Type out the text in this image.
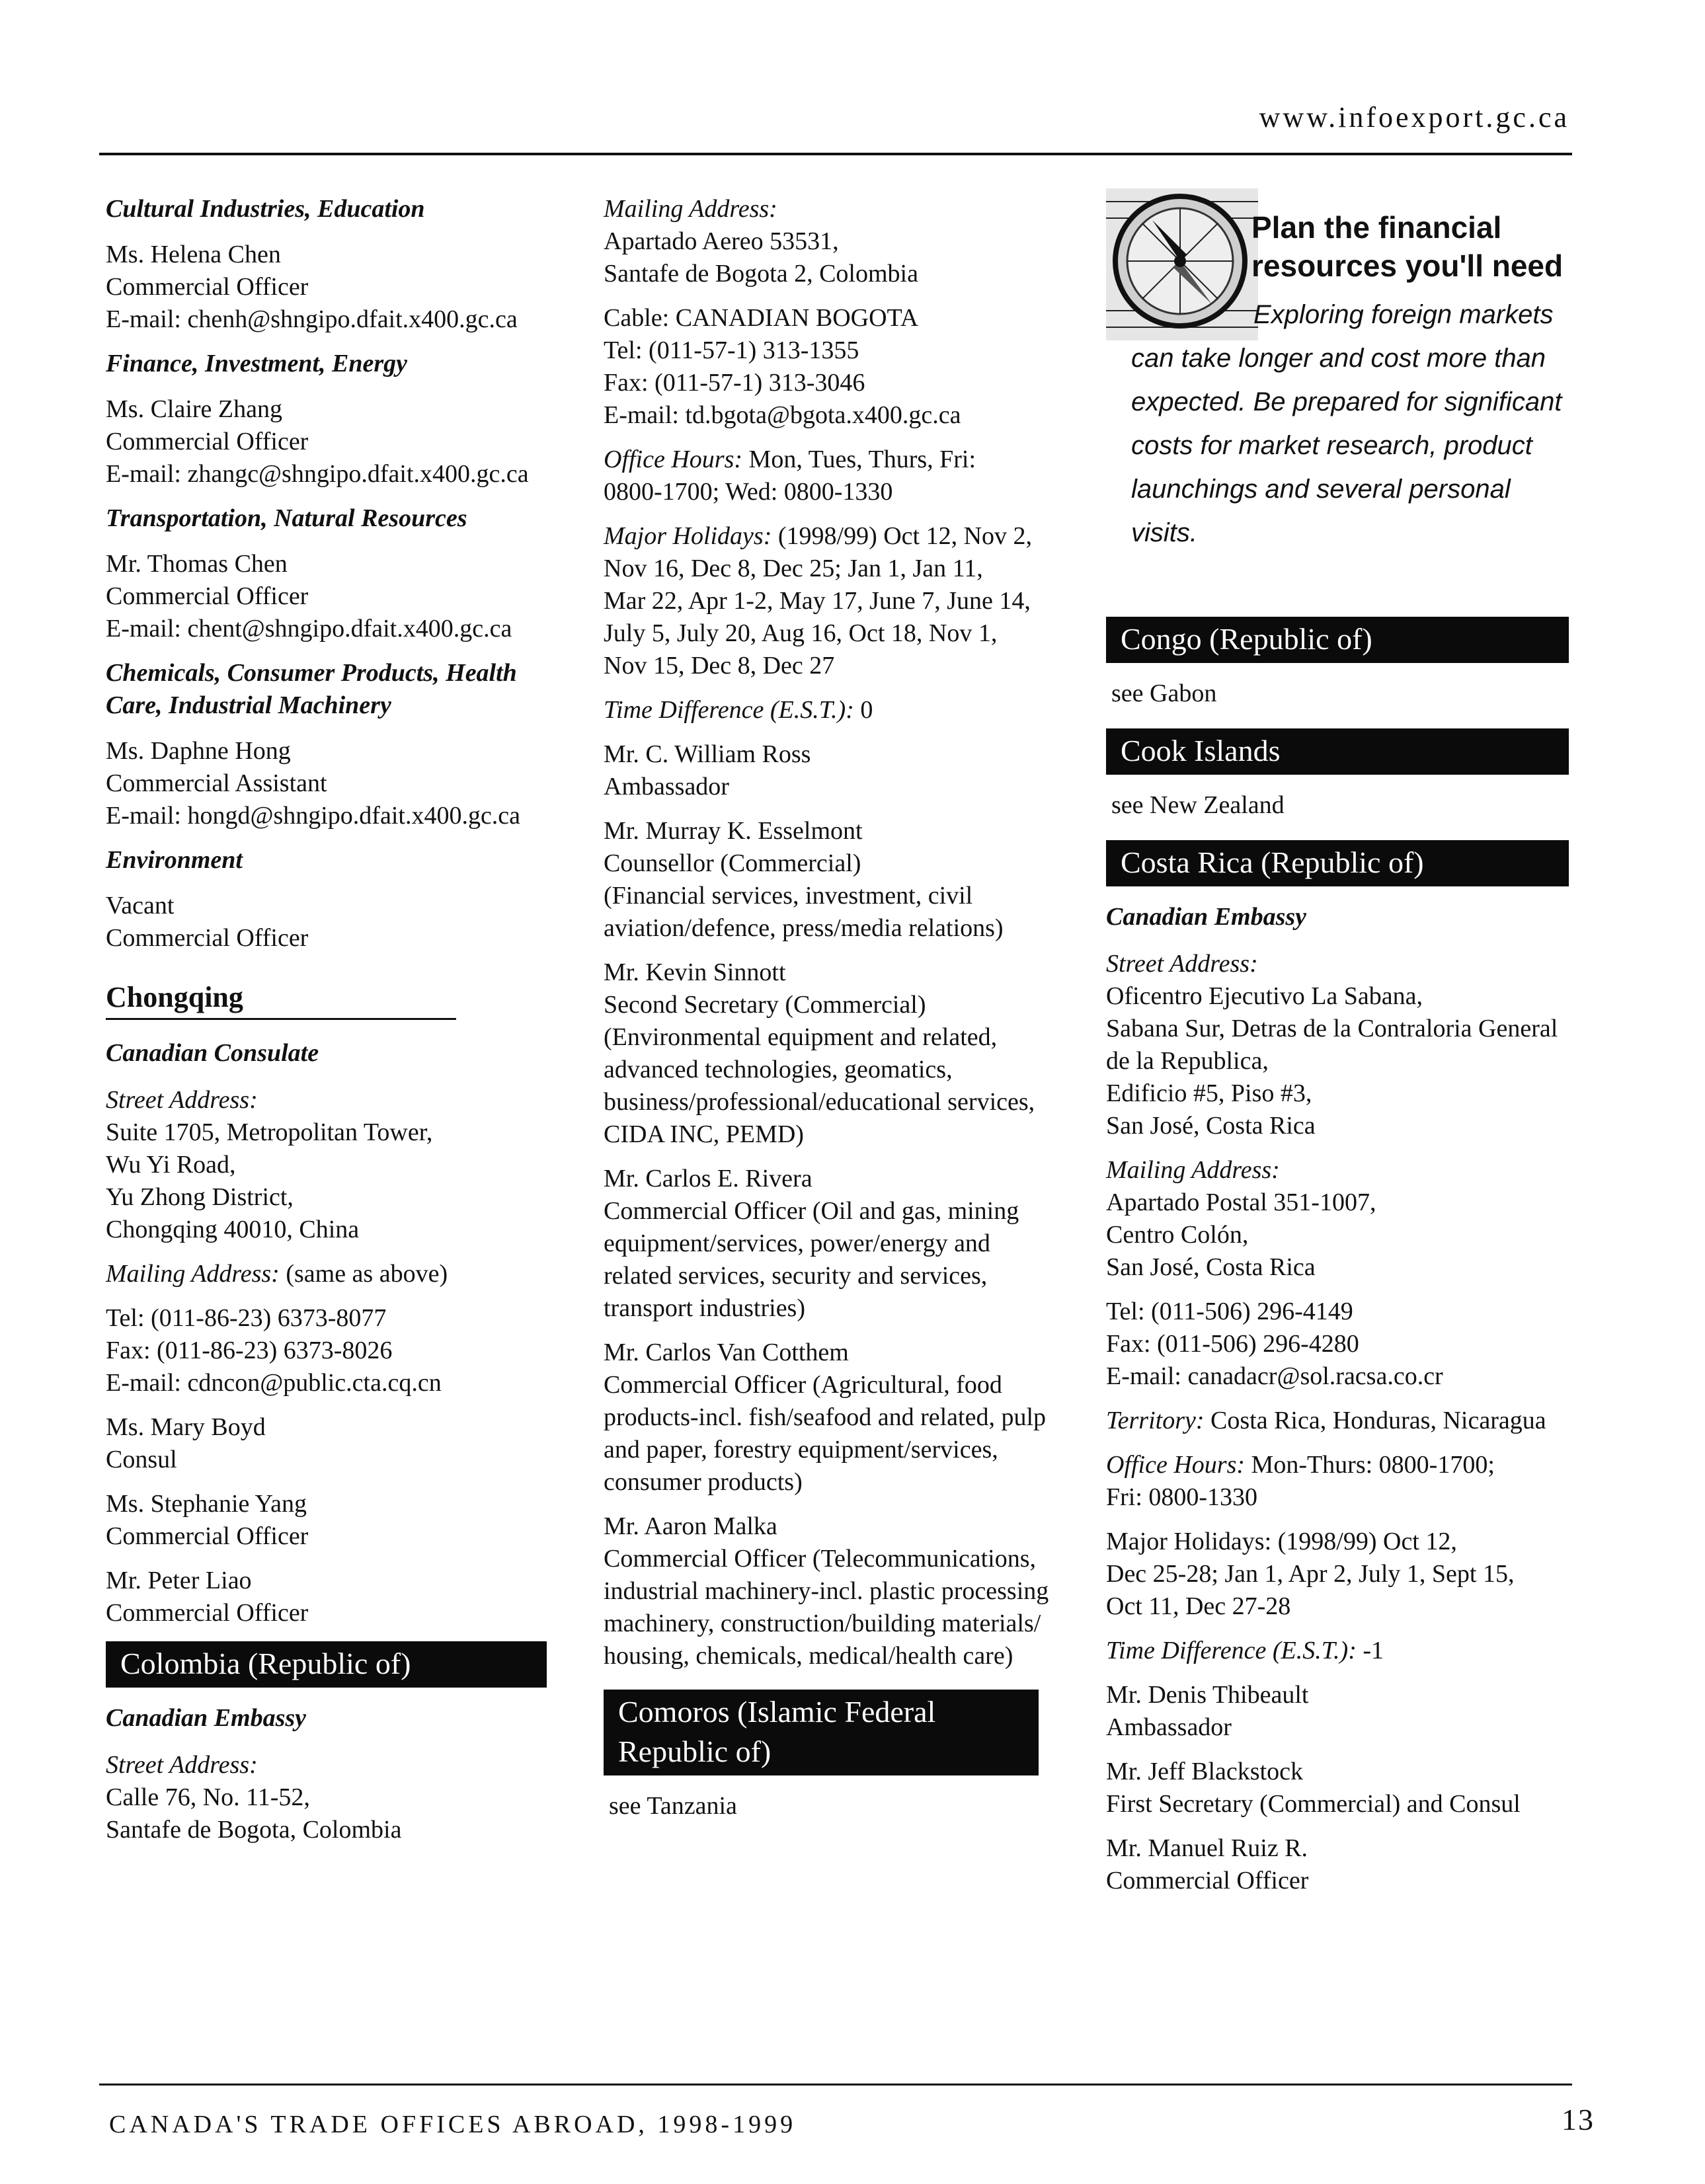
www.infoexport.gc.ca
Cultural Industries, Education
Ms. Helena Chen
Commercial Officer
E-mail: chenh@shngipo.dfait.x400.gc.ca
Finance, Investment, Energy
Ms. Claire Zhang
Commercial Officer
E-mail: zhangc@shngipo.dfait.x400.gc.ca
Transportation, Natural Resources
Mr. Thomas Chen
Commercial Officer
E-mail: chent@shngipo.dfait.x400.gc.ca
Chemicals, Consumer Products, Health
Care, Industrial Machinery
Ms. Daphne Hong
Commercial Assistant
E-mail: hongd@shngipo.dfait.x400.gc.ca
Environment
Vacant
Commercial Officer
Chongqing
Canadian Consulate
Street Address:
Suite 1705, Metropolitan Tower,
Wu Yi Road,
Yu Zhong District,
Chongqing 40010, China
Mailing Address: (same as above)
Tel: (011-86-23) 6373-8077
Fax: (011-86-23) 6373-8026
E-mail: cdncon@public.cta.cq.cn
Ms. Mary Boyd
Consul
Ms. Stephanie Yang
Commercial Officer
Mr. Peter Liao
Commercial Officer
Colombia (Republic of)
Canadian Embassy
Street Address:
Calle 76, No. 11-52,
Santafe de Bogota, Colombia
Mailing Address:
Apartado Aereo 53531,
Santafe de Bogota 2, Colombia
Cable: CANADIAN BOGOTA
Tel: (011-57-1) 313-1355
Fax: (011-57-1) 313-3046
E-mail: td.bgota@bgota.x400.gc.ca
Office Hours: Mon, Tues, Thurs, Fri:
0800-1700; Wed: 0800-1330
Major Holidays: (1998/99) Oct 12, Nov 2,
Nov 16, Dec 8, Dec 25; Jan 1, Jan 11,
Mar 22, Apr 1-2, May 17, June 7, June 14,
July 5, July 20, Aug 16, Oct 18, Nov 1,
Nov 15, Dec 8, Dec 27
Time Difference (E.S.T.): 0
Mr. C. William Ross
Ambassador
Mr. Murray K. Esselmont
Counsellor (Commercial)
(Financial services, investment, civil
aviation/defence, press/media relations)
Mr. Kevin Sinnott
Second Secretary (Commercial)
(Environmental equipment and related,
advanced technologies, geomatics,
business/professional/educational services,
CIDA INC, PEMD)
Mr. Carlos E. Rivera
Commercial Officer (Oil and gas, mining
equipment/services, power/energy and
related services, security and services,
transport industries)
Mr. Carlos Van Cotthem
Commercial Officer (Agricultural, food
products-incl. fish/seafood and related, pulp
and paper, forestry equipment/services,
consumer products)
Mr. Aaron Malka
Commercial Officer (Telecommunications,
industrial machinery-incl. plastic processing
machinery, construction/building materials/
housing, chemicals, medical/health care)
Comoros (Islamic Federal
Republic of)
see Tanzania
Plan the financial
resources you'll need
Exploring foreign markets
can take longer and cost more than
expected. Be prepared for significant
costs for market research, product
launchings and several personal
visits.
Congo (Republic of)
see Gabon
Cook Islands
see New Zealand
Costa Rica (Republic of)
Canadian Embassy
Street Address:
Oficentro Ejecutivo La Sabana,
Sabana Sur, Detras de la Contraloria General
de la Republica,
Edificio #5, Piso #3,
San José, Costa Rica
Mailing Address:
Apartado Postal 351-1007,
Centro Colón,
San José, Costa Rica
Tel: (011-506) 296-4149
Fax: (011-506) 296-4280
E-mail: canadacr@sol.racsa.co.cr
Territory: Costa Rica, Honduras, Nicaragua
Office Hours: Mon-Thurs: 0800-1700;
Fri: 0800-1330
Major Holidays: (1998/99) Oct 12,
Dec 25-28; Jan 1, Apr 2, July 1, Sept 15,
Oct 11, Dec 27-28
Time Difference (E.S.T.): -1
Mr. Denis Thibeault
Ambassador
Mr. Jeff Blackstock
First Secretary (Commercial) and Consul
Mr. Manuel Ruiz R.
Commercial Officer
CANADA'S TRADE OFFICES ABROAD, 1998-1999	13
